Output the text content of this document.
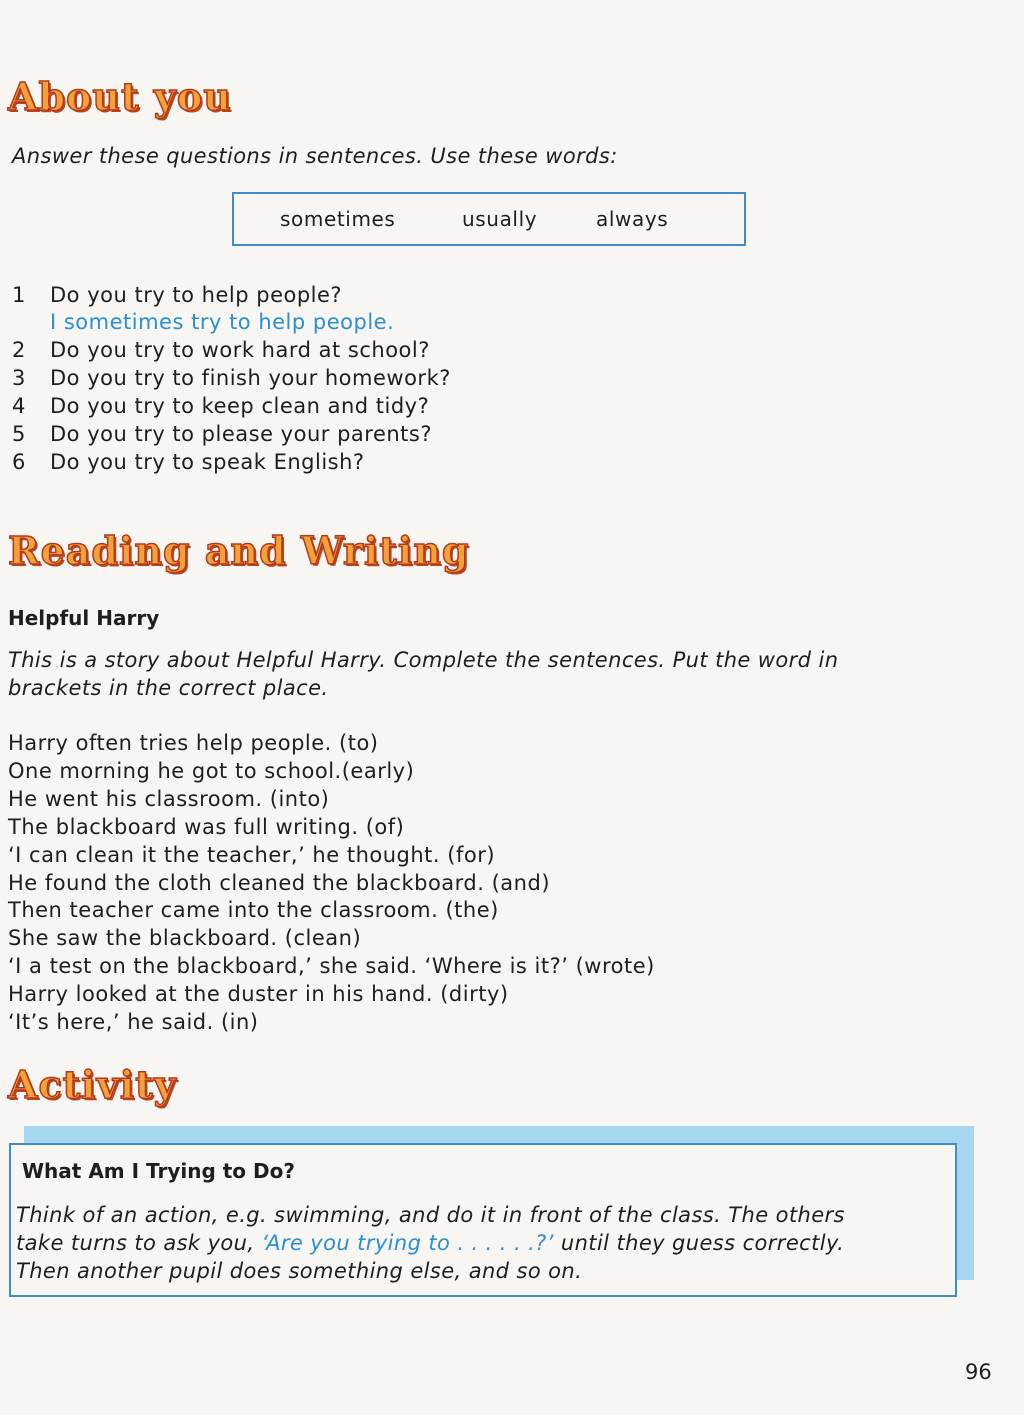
About you
Answer these questions in sentences. Use these words:
sometimes	usually	always
1 Do you try to help people?
I sometimes try to help people.
2 Do you try to work hard at school?
3 Do you try to finish your homework?
4 Do you try to keep clean and tidy?
5 Do you try to please your parents?
6 Do you try to speak English?
Reading and Writing
Helpful Harry
This is a story about Helpful Harry. Complete the sentences. Put the word in
brackets in the correct place.
Harry often tries help people. (to)
One morning he got to school.(early)
He went his classroom. (into)
The blackboard was full writing. (of)
‘I can clean it the teacher,’ he thought. (for)
He found the cloth cleaned the blackboard. (and)
Then teacher came into the classroom. (the)
She saw the blackboard. (clean)
‘I a test on the blackboard,’ she said. ‘Where is it?’ (wrote)
Harry looked at the duster in his hand. (dirty)
‘It’s here,’ he said. (in)
Activity
What Am I Trying to Do?
Think of an action, e.g. swimming, and do it in front of the class. The others
take turns to ask you, ‘Are you trying to . . . . . .?’ until they guess correctly.
Then another pupil does something else, and so on.
96
